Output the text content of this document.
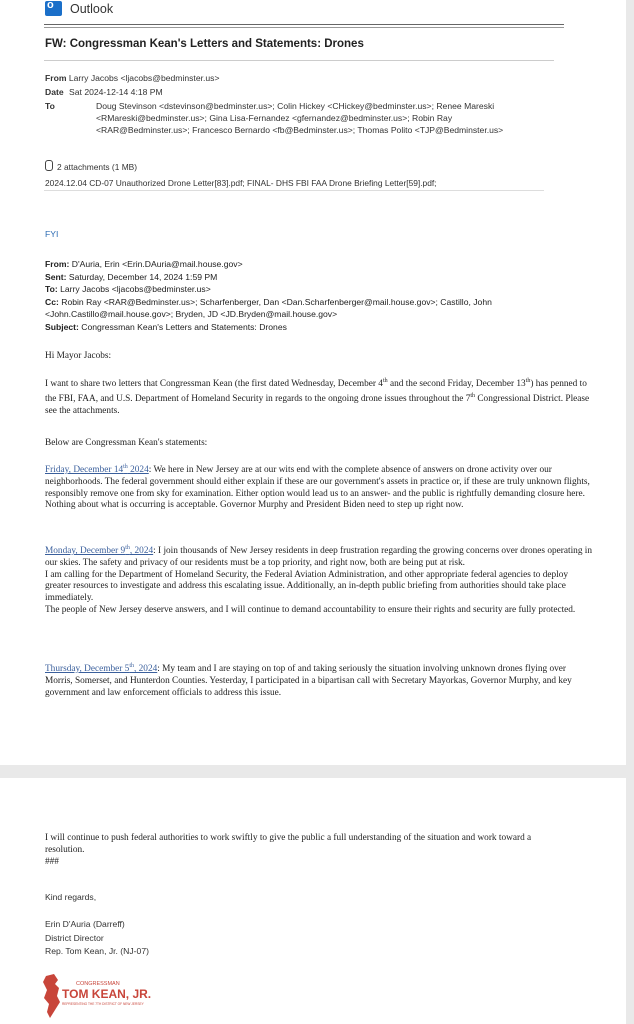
o
Outlook
FW: Congressman Kean's Letters and Statements: Drones
From Larry Jacobs <ljacobs@bedminster.us>
Date Sat 2024-12-14 4:18 PM
To	Doug Stevinson <dstevinson@bedminster.us>; Colin Hickey <CHickey@bedminster.us>; Renee Mareski
<RMareski@bedminster.us>; Gina Lisa-Fernandez <gfernandez@bedminster.us>; Robin Ray
<RAR@Bedminster.us>; Francesco Bernardo <fb@Bedminster.us>; Thomas Polito <TJP@Bedminster.us>
2 attachments (1 MB)
2024.12.04 CD-07 Unauthorized Drone Letter[83].pdf; FINAL- DHS FBI FAA Drone Briefing Letter[59].pdf;
FYI
From: D'Auria, Erin <Erin.DAuria@mail.house.gov>
Sent: Saturday, December 14, 2024 1:59 PM
To: Larry Jacobs <ljacobs@bedminster.us>
Cc: Robin Ray <RAR@Bedminster.us>; Scharfenberger, Dan <Dan.Scharfenberger@mail.house.gov>; Castillo, John
<John.Castillo@mail.house.gov>; Bryden, JD <JD.Bryden@mail.house.gov>
Subject: Congressman Kean's Letters and Statements: Drones
Hi Mayor Jacobs:
I want to share two letters that Congressman Kean (the first dated Wednesday, December 4th and the second Friday, December 13th) has penned to the FBI, FAA, and U.S. Department of Homeland Security in regards to the ongoing drone issues throughout the 7th Congressional District. Please see the attachments.
Below are Congressman Kean's statements:
Friday, December 14th 2024: We here in New Jersey are at our wits end with the complete absence of answers on drone activity over our neighborhoods. The federal government should either explain if these are our government's assets in practice or, if these are truly unknown flights, responsibly remove one from sky for examination. Either option would lead us to an answer- and the public is rightfully demanding closure here.
Nothing about what is occurring is acceptable. Governor Murphy and President Biden need to step up right now.
Monday, December 9th, 2024: I join thousands of New Jersey residents in deep frustration regarding the growing concerns over drones operating in our skies. The safety and privacy of our residents must be a top priority, and right now, both are being put at risk.
I am calling for the Department of Homeland Security, the Federal Aviation Administration, and other appropriate federal agencies to deploy greater resources to investigate and address this escalating issue. Additionally, an in-depth public briefing from authorities should take place immediately.
The people of New Jersey deserve answers, and I will continue to demand accountability to ensure their rights and security are fully protected.
Thursday, December 5th, 2024: My team and I are staying on top of and taking seriously the situation involving unknown drones flying over Morris, Somerset, and Hunterdon Counties. Yesterday, I participated in a bipartisan call with Secretary Mayorkas, Governor Murphy, and key government and law enforcement officials to address this issue.
I will continue to push federal authorities to work swiftly to give the public a full understanding of the situation and work toward a resolution.
###
Kind regards,
Erin D'Auria (Darreff)
District Director
Rep. Tom Kean, Jr. (NJ-07)
CONGRESSMAN
TOM KEAN, JR.
REPRESENTING THE 7TH DISTRICT OF NEW JERSEY
